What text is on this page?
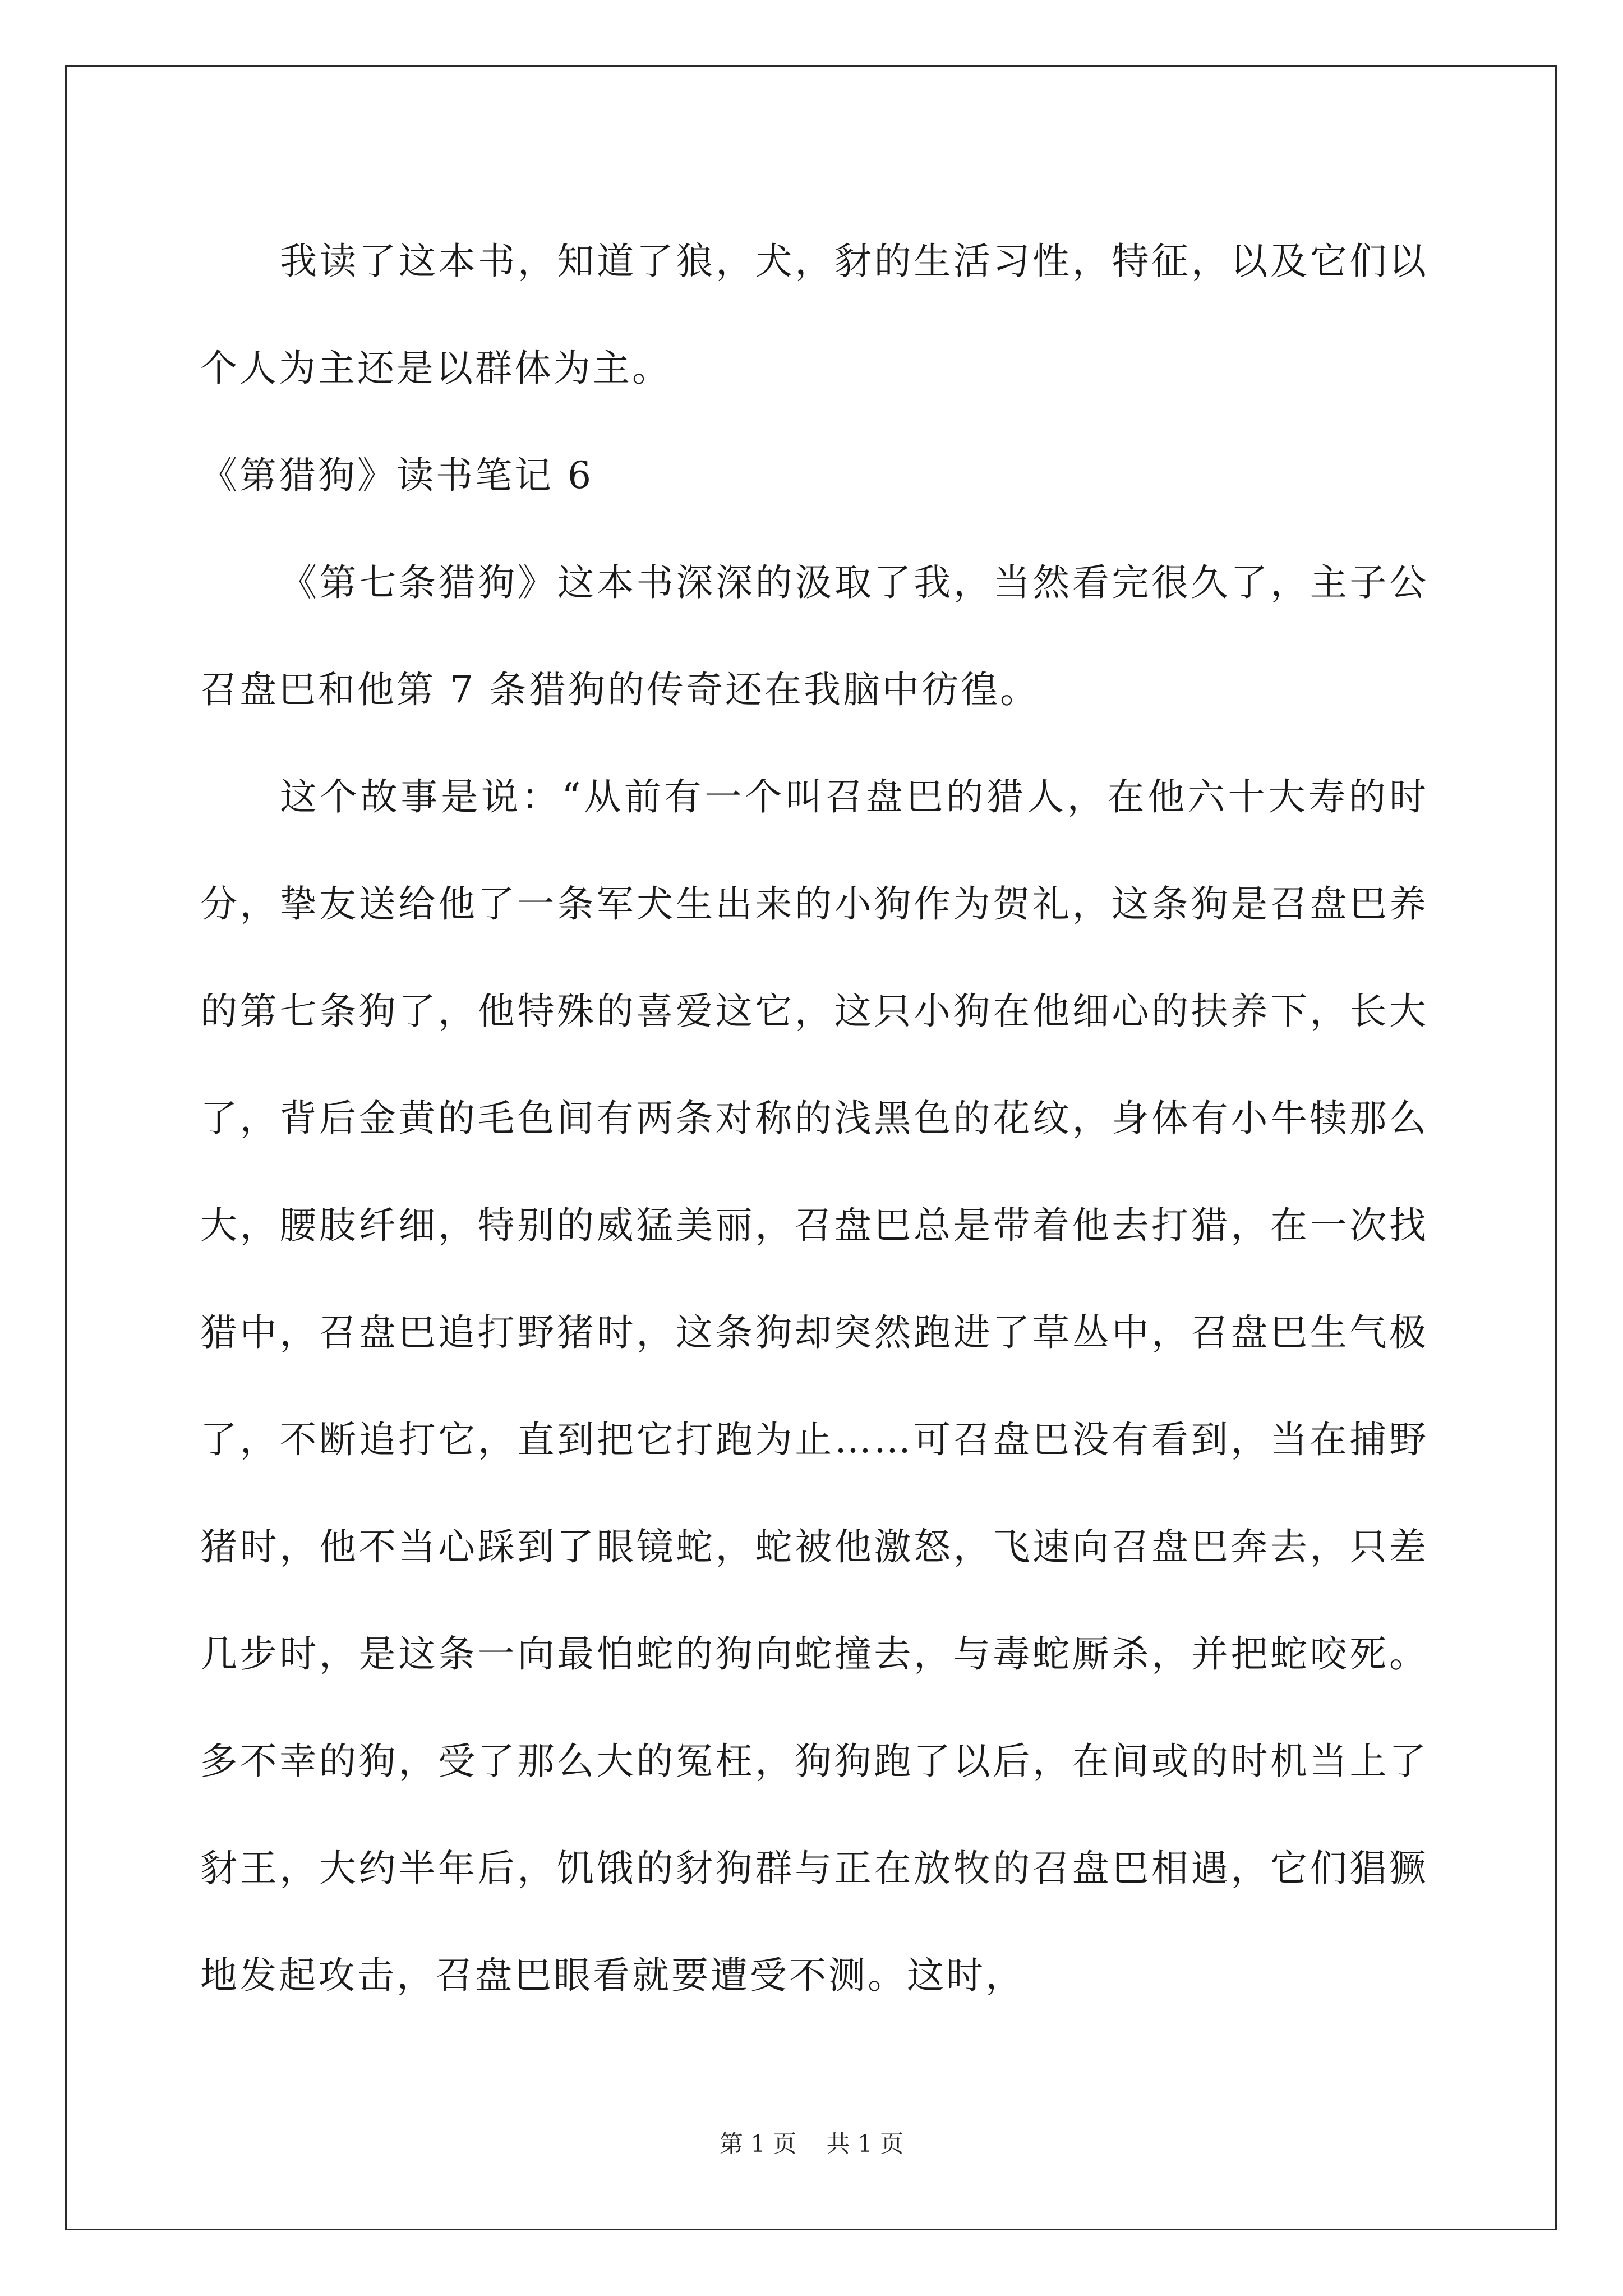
我读了这本书，知道了狼，犬，豺的生活习性，特征，以及它们以个人为主还是以群体为主。

《第猎狗》读书笔记 6

《第七条猎狗》这本书深深的汲取了我，当然看完很久了，主子公召盘巴和他第 7 条猎狗的传奇还在我脑中彷徨。

这个故事是说：“从前有一个叫召盘巴的猎人，在他六十大寿的时分，挚友送给他了一条军犬生出来的小狗作为贺礼，这条狗是召盘巴养的第七条狗了，他特殊的喜爱这它，这只小狗在他细心的扶养下，长大了，背后金黄的毛色间有两条对称的浅黑色的花纹，身体有小牛犊那么大，腰肢纤细，特别的威猛美丽，召盘巴总是带着他去打猎，在一次找猎中，召盘巴追打野猪时，这条狗却突然跑进了草丛中，召盘巴生气极了，不断追打它，直到把它打跑为止……可召盘巴没有看到，当在捕野猪时，他不当心踩到了眼镜蛇，蛇被他激怒，飞速向召盘巴奔去，只差几步时，是这条一向最怕蛇的狗向蛇撞去，与毒蛇厮杀，并把蛇咬死。多不幸的狗，受了那么大的冤枉，狗狗跑了以后，在间或的时机当上了豺王，大约半年后，饥饿的豺狗群与正在放牧的召盘巴相遇，它们猖獗地发起攻击，召盘巴眼看就要遭受不测。这时，

第 1 页 共 1 页
